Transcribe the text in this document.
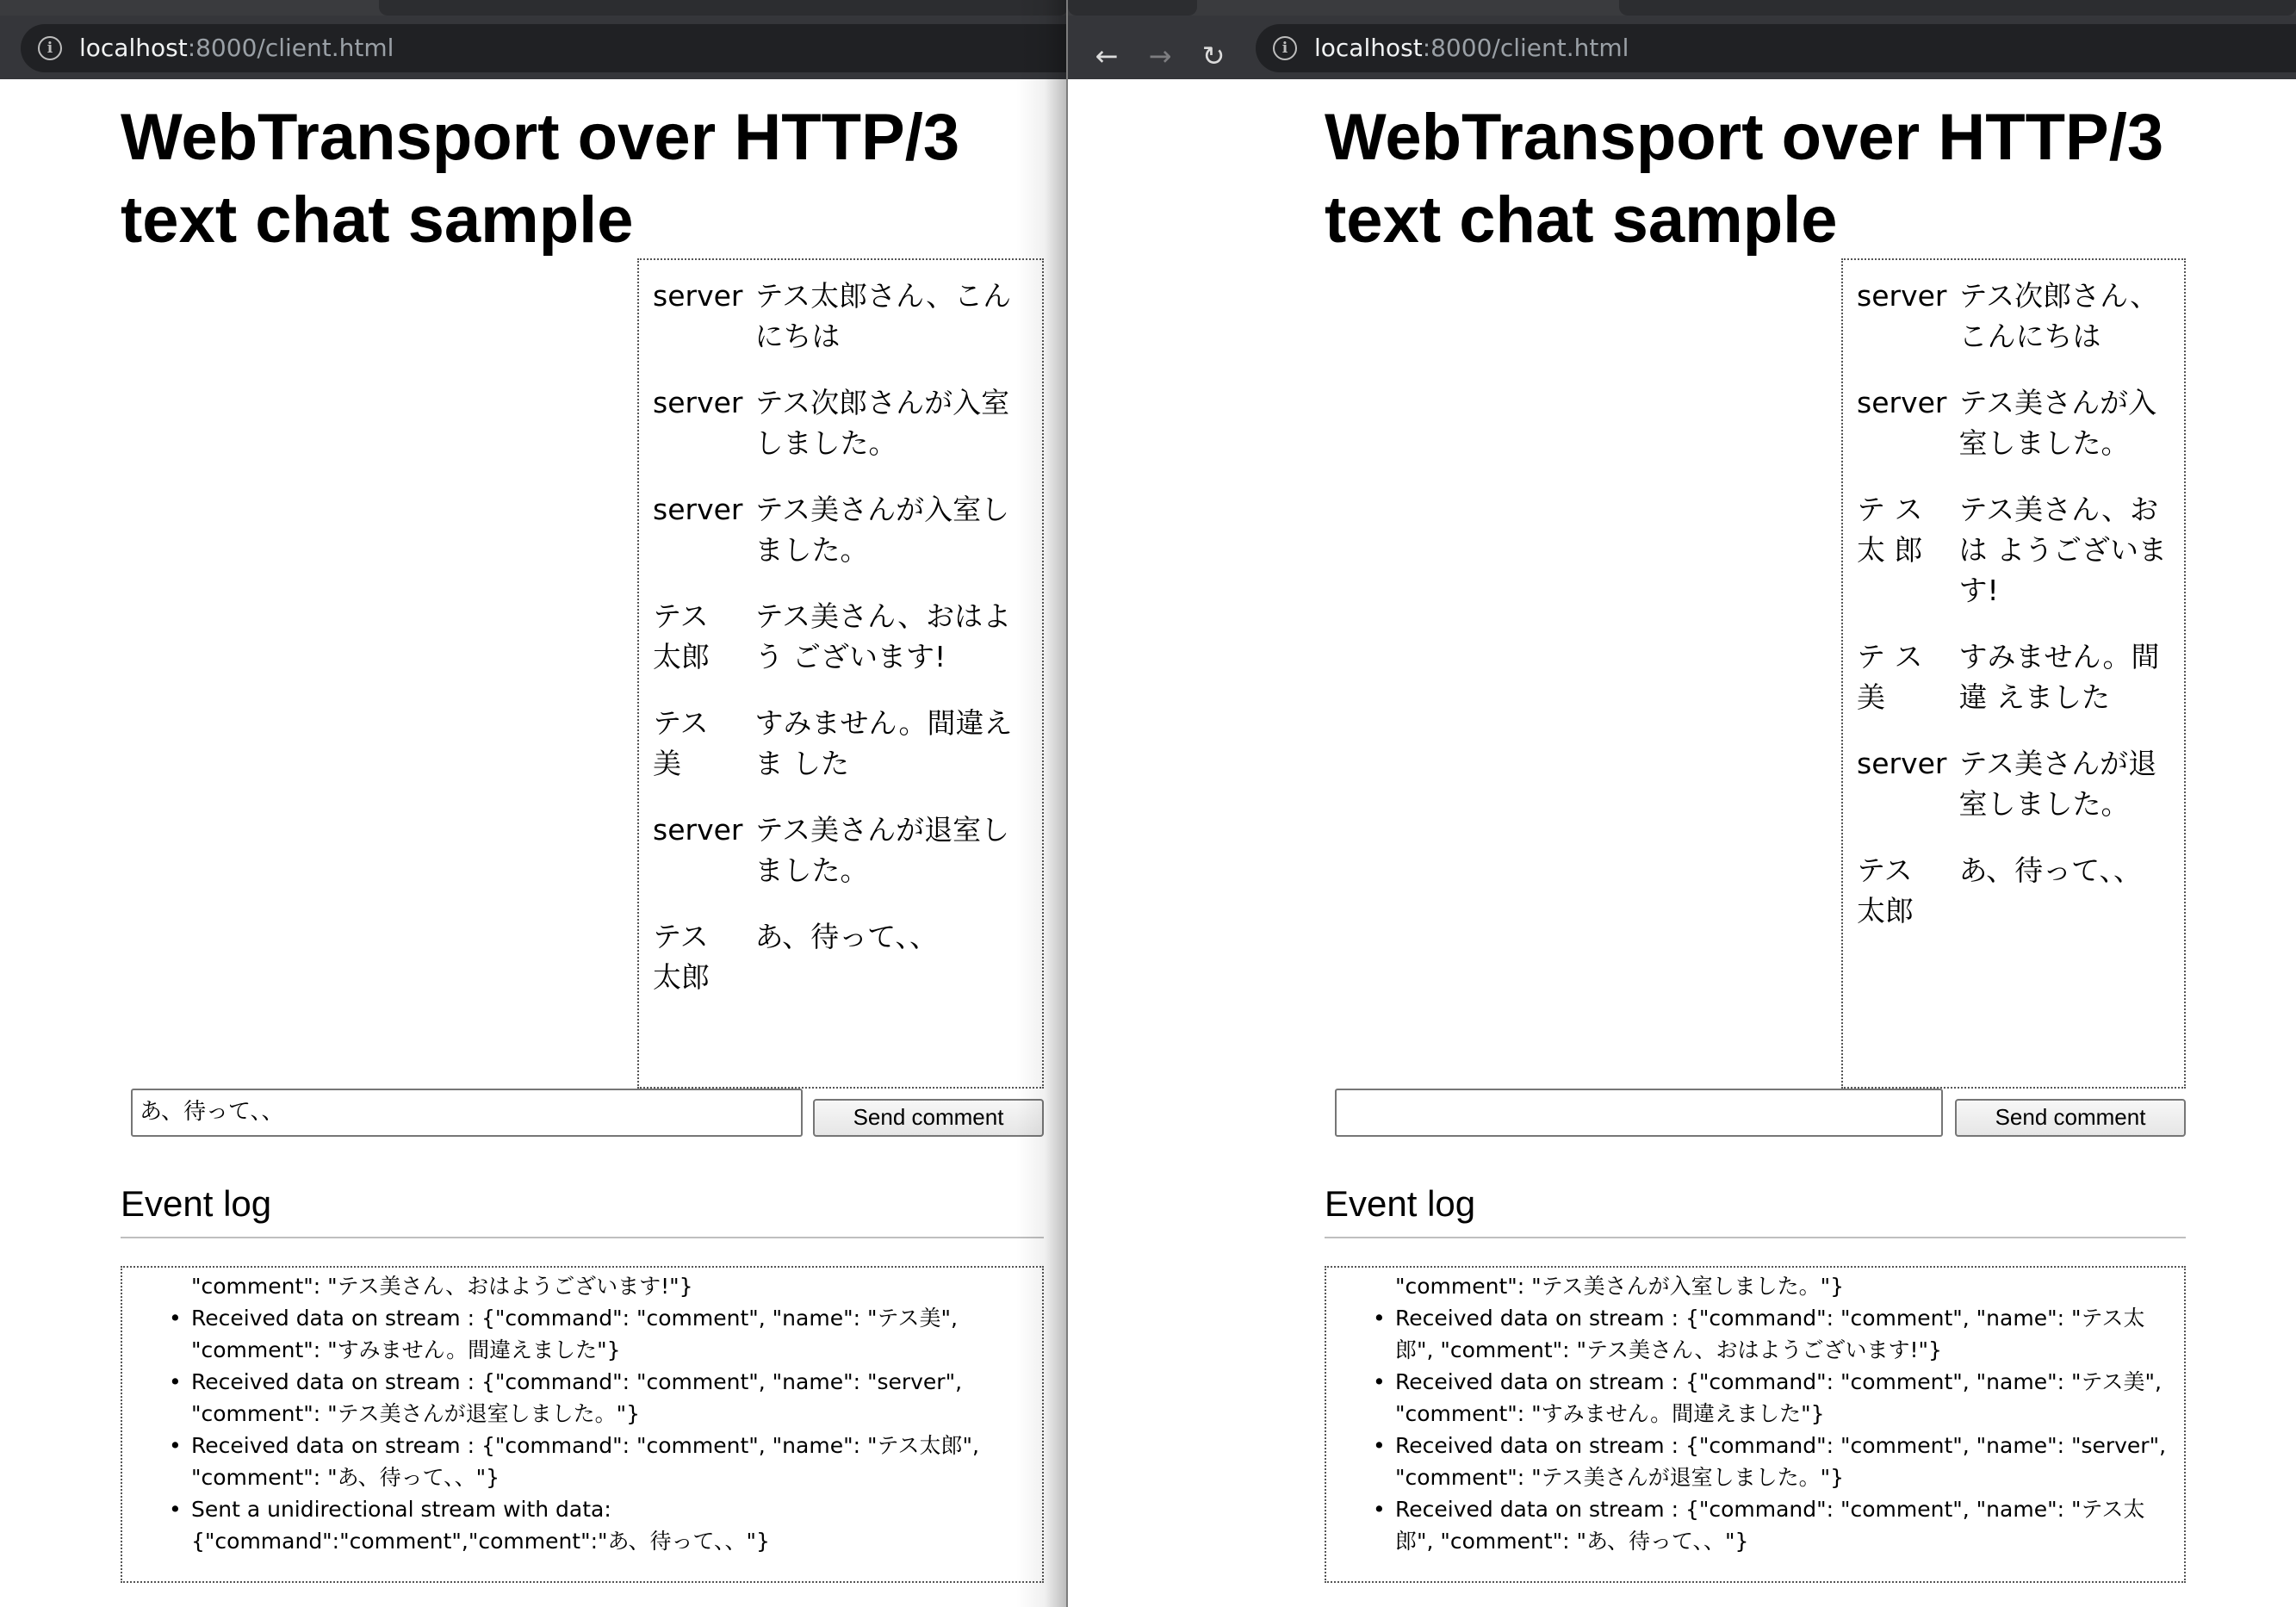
i	localhost:8000/client.html
WebTransport over HTTP/3
text chat sample
server	テス太郎さん、こん にちは
server	テス次郎さんが入室 しました。
server	テス美さんが入室し ました。
テス 太郎	テス美さん、おはよう ございます!
テス 美	すみません。間違えま した
server	テス美さんが退室し ました。
テス 太郎	あ、待って、、
あ、待って、、	Send comment
Event log
"comment": "テス美さん、おはようございます!"}
• Received data on stream : {"command": "comment", "name": "テス美", "comment": "すみません。間違えました"}
• Received data on stream : {"command": "comment", "name": "server", "comment": "テス美さんが退室しました。"}
• Received data on stream : {"command": "comment", "name": "テス太郎", "comment": "あ、待って、、"}
• Sent a unidirectional stream with data: {"command":"comment","comment":"あ、待って、、"}
← → ↻	i	localhost:8000/client.html
WebTransport over HTTP/3
text chat sample
server	テス次郎さん、 こんにちは
server	テス美さんが入 室しました。
テ ス 太 郎	テス美さん、おは ようございます!
テ ス 美	すみません。間違 えました
server	テス美さんが退 室しました。
テス 太郎	あ、待って、、
Send comment
Event log
"comment": "テス美さんが入室しました。"}
• Received data on stream : {"command": "comment", "name": "テス太郎", "comment": "テス美さん、おはようございます!"}
• Received data on stream : {"command": "comment", "name": "テス美", "comment": "すみません。間違えました"}
• Received data on stream : {"command": "comment", "name": "server", "comment": "テス美さんが退室しました。"}
• Received data on stream : {"command": "comment", "name": "テス太郎", "comment": "あ、待って、、"}
